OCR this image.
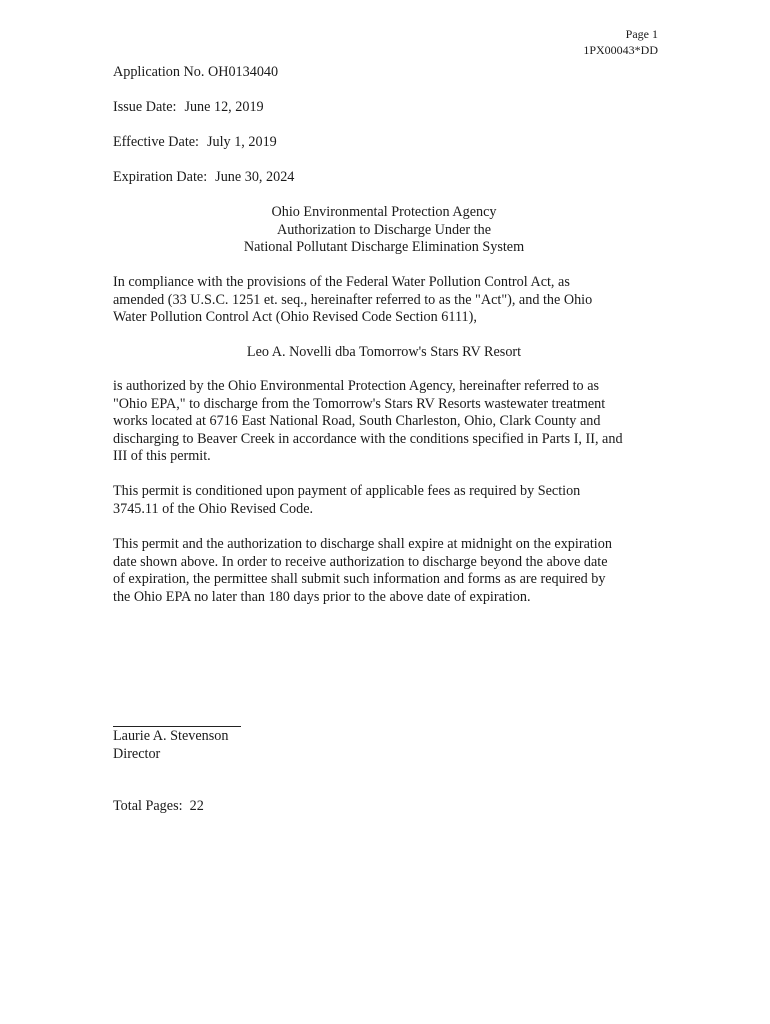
Page 1
1PX00043*DD
Application No. OH0134040
Issue Date: June 12, 2019
Effective Date: July 1, 2019
Expiration Date: June 30, 2024
Ohio Environmental Protection Agency
Authorization to Discharge Under the
National Pollutant Discharge Elimination System
In compliance with the provisions of the Federal Water Pollution Control Act, as
amended (33 U.S.C. 1251 et. seq., hereinafter referred to as the "Act"), and the Ohio
Water Pollution Control Act (Ohio Revised Code Section 6111),
Leo A. Novelli dba Tomorrow's Stars RV Resort
is authorized by the Ohio Environmental Protection Agency, hereinafter referred to as
"Ohio EPA," to discharge from the Tomorrow's Stars RV Resorts wastewater treatment
works located at 6716 East National Road, South Charleston, Ohio, Clark County and
discharging to Beaver Creek in accordance with the conditions specified in Parts I, II, and
III of this permit.
This permit is conditioned upon payment of applicable fees as required by Section
3745.11 of the Ohio Revised Code.
This permit and the authorization to discharge shall expire at midnight on the expiration
date shown above. In order to receive authorization to discharge beyond the above date
of expiration, the permittee shall submit such information and forms as are required by
the Ohio EPA no later than 180 days prior to the above date of expiration.
Laurie A. Stevenson
Director
Total Pages: 22
